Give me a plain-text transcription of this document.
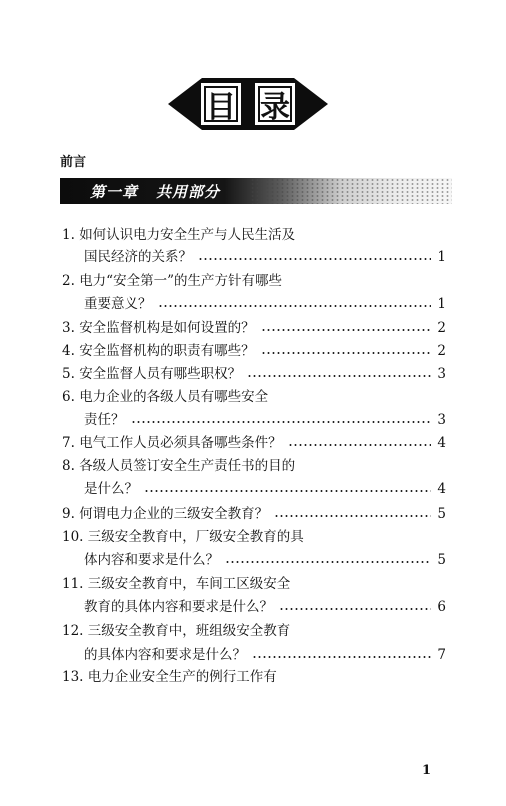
目 录
前言
第一章 共用部分
1. 如何认识电力安全生产与人民生活及
国民经济的关系？	1
2. 电力“安全第一”的生产方针有哪些
重要意义？	1
3. 安全监督机构是如何设置的？	2
4. 安全监督机构的职责有哪些？	2
5. 安全监督人员有哪些职权？	3
6. 电力企业的各级人员有哪些安全
责任？	3
7. 电气工作人员必须具备哪些条件？	4
8. 各级人员签订安全生产责任书的目的
是什么？	4
9. 何谓电力企业的三级安全教育？	5
10. 三级安全教育中，厂级安全教育的具
体内容和要求是什么？	5
11. 三级安全教育中，车间工区级安全
教育的具体内容和要求是什么？	6
12. 三级安全教育中，班组级安全教育
的具体内容和要求是什么？	7
13. 电力企业安全生产的例行工作有
1
